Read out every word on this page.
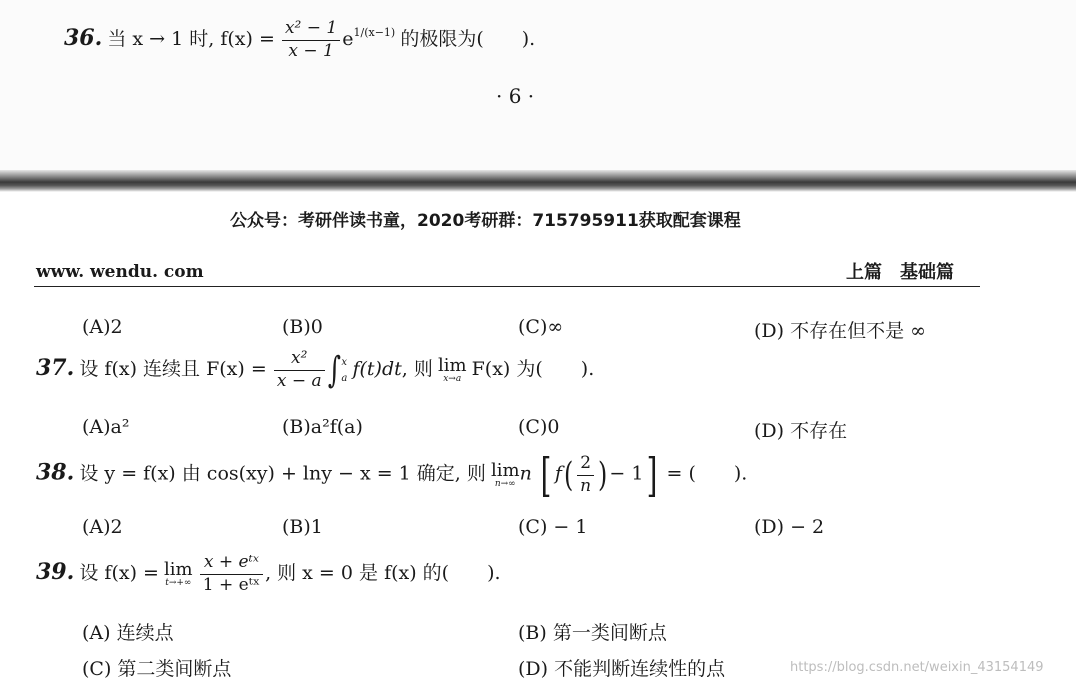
36. 当 x → 1 时, $f(x) = \frac{\text{x² − 1}}{x - 1} e^{1/(x-1)}$ 的极限为(　　).
· 6 ·
公众号：考研伴读书童，2020考研群：715795911获取配套课程
www. wendu. com	上篇　基础篇
(A)2	(B)0	(C)∞	(D) 不存在但不是 ∞
37. 设 f(x) 连续且 $F(x) = \frac{\text{x²}}{x - a}$ ∫ x
a f(t)dt, 则 lim
x→a F(x) 为(　　).
(A)a²	(B)a²f(a)	(C)0	(D) 不存在
38. 设 y = f(x) 由 cos(xy) + lny − x = 1 确定, 则 lim
n→∞ n [ $f( \frac{2}{n}$ ) − 1] = (　　).
(A)2	(B)1	(C) − 1	(D) − 2
39. 设 f(x) = lim
t→+∞
$\frac{\text{x + eᵗˣ}}{\text{1 + eᵗˣ}}$ , 则 x = 0 是 f(x) 的(　　).
(A) 连续点	(B) 第一类间断点
(C) 第二类间断点	(D) 不能判断连续性的点	https://blog.csdn.net/weixin_43154149
